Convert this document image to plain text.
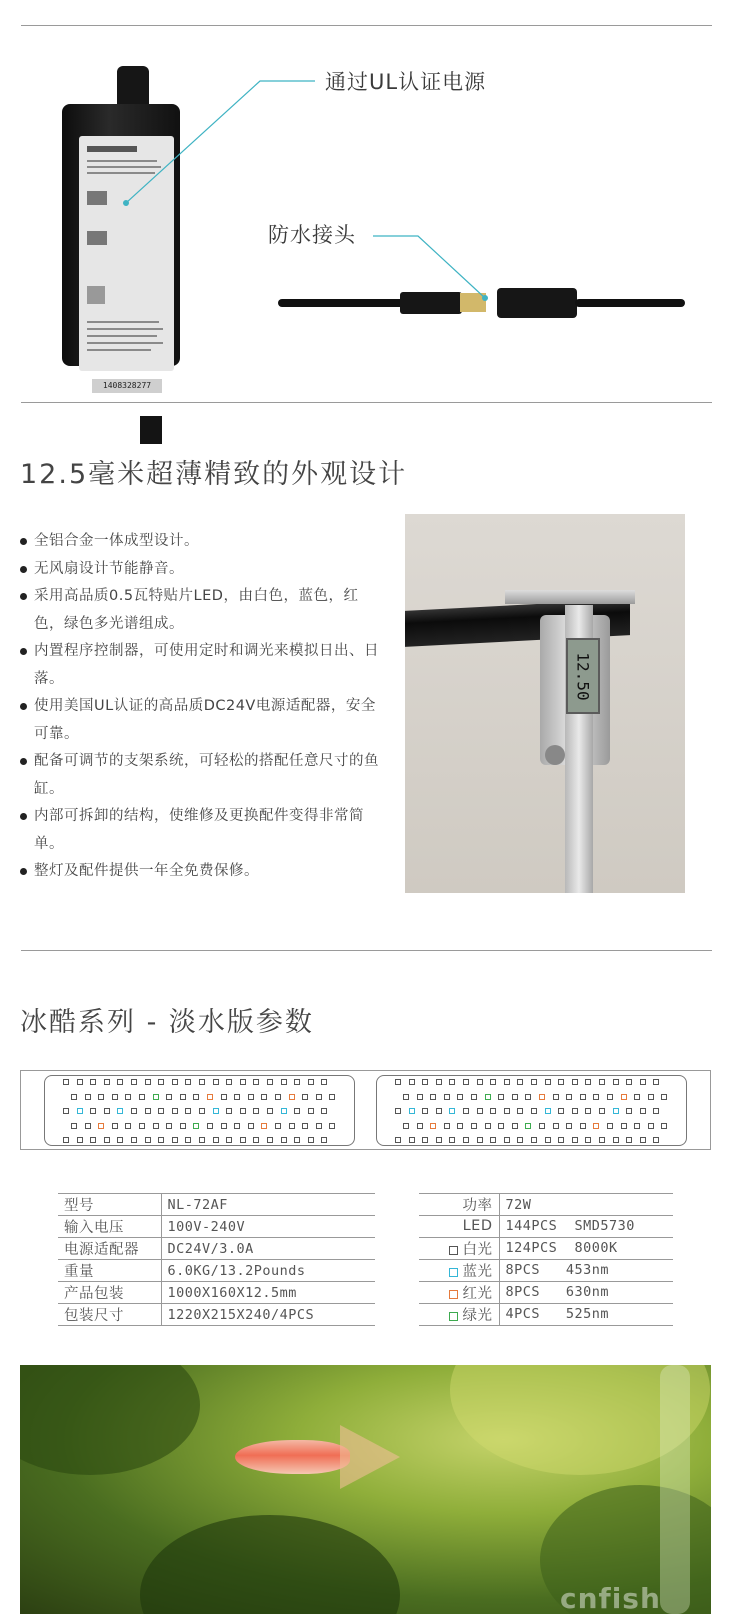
1408328277
通过UL认证电源
防水接头
12.5毫米超薄精致的外观设计
全铝合金一体成型设计。
无风扇设计节能静音。
采用高品质0.5瓦特贴片LED，由白色，蓝色，红色，绿色多光谱组成。
内置程序控制器，可使用定时和调光来模拟日出、日落。
使用美国UL认证的高品质DC24V电源适配器，安全可靠。
配备可调节的支架系统，可轻松的搭配任意尺寸的鱼缸。
内部可拆卸的结构，使维修及更换配件变得非常简单。
整灯及配件提供一年全免费保修。
12.50
冰酷系列 - 淡水版参数
型号	NL-72AF
输入电压	100V-240V
电源适配器	DC24V/3.0A
重量	6.0KG/13.2Pounds
产品包装	1000X160X12.5mm
包装尺寸	1220X215X240/4PCS
功率	72W
LED	144PCS  SMD5730
白光	124PCS  8000K
蓝光	8PCS   453nm
红光	8PCS   630nm
绿光	4PCS   525nm
cnfish
